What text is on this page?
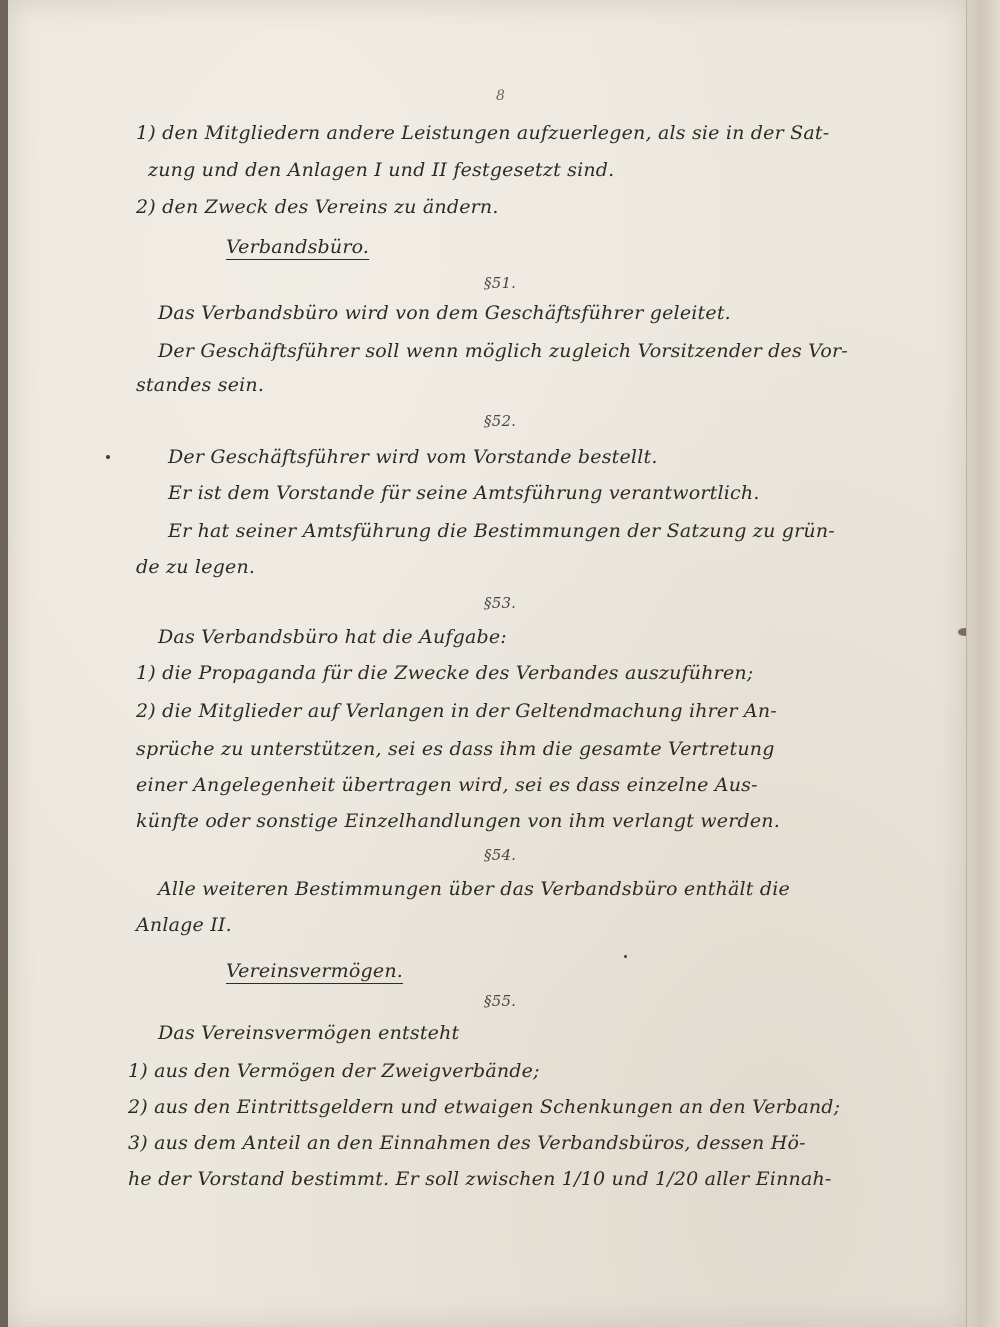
8
1) den Mitgliedern andere Leistungen aufzuerlegen, als sie in der Sat-
zung und den Anlagen I und II festgesetzt sind.
2) den Zweck des Vereins zu ändern.
Verbandsbüro.
§51.
Das Verbandsbüro wird von dem Geschäftsführer geleitet.
Der Geschäftsführer soll wenn möglich zugleich Vorsitzender des Vor-
standes sein.
§52.
Der Geschäftsführer wird vom Vorstande bestellt.
Er ist dem Vorstande für seine Amtsführung verantwortlich.
Er hat seiner Amtsführung die Bestimmungen der Satzung zu grün-
de zu legen.
§53.
Das Verbandsbüro hat die Aufgabe:
1) die Propaganda für die Zwecke des Verbandes auszuführen;
2) die Mitglieder auf Verlangen in der Geltendmachung ihrer An-
sprüche zu unterstützen, sei es dass ihm die gesamte Vertretung
einer Angelegenheit übertragen wird, sei es dass einzelne Aus-
künfte oder sonstige Einzelhandlungen von ihm verlangt werden.
§54.
Alle weiteren Bestimmungen über das Verbandsbüro enthält die
Anlage II.
Vereinsvermögen.
§55.
Das Vereinsvermögen entsteht
1) aus den Vermögen der Zweigverbände;
2) aus den Eintrittsgeldern und etwaigen Schenkungen an den Verband;
3) aus dem Anteil an den Einnahmen des Verbandsbüros, dessen Hö-
he der Vorstand bestimmt. Er soll zwischen 1/10 und 1/20 aller Einnah-
